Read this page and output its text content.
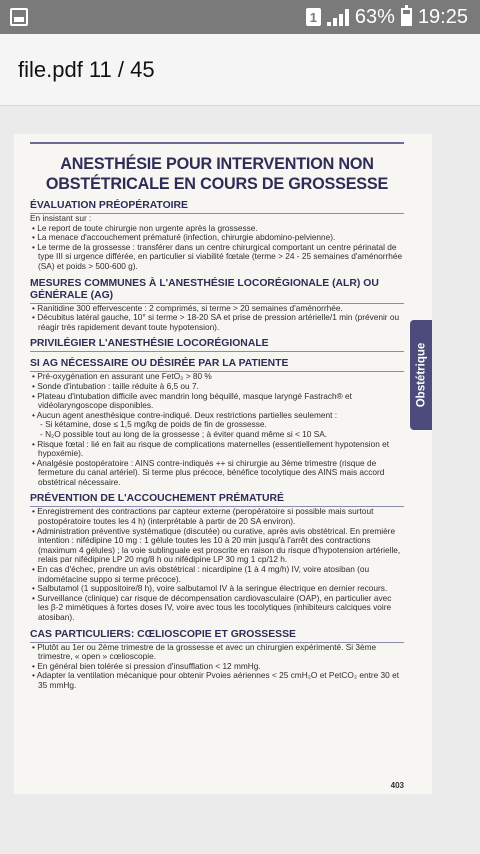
1 63% 19:25
file.pdf 11 / 45
ANESTHÉSIE POUR INTERVENTION NON
OBSTÉTRICALE EN COURS DE GROSSESSE
ÉVALUATION PRÉOPÉRATOIRE
En insistant sur :
• Le report de toute chirurgie non urgente après la grossesse.
• La menace d'accouchement prématuré (infection, chirurgie abdomino-pelvienne).
• Le terme de la grossesse : transférer dans un centre chirurgical comportant un centre périnatal de type III si urgence différée, en particulier si viabilité fœtale (terme > 24 - 25 semaines d'aménorrhée (SA) et poids > 500-600 g).
MESURES COMMUNES À L'ANESTHÉSIE LOCORÉGIONALE (ALR) OU GÉNÉRALE (AG)
• Ranitidine 300 effervescente : 2 comprimés, si terme > 20 semaines d'aménorrhée.
• Décubitus latéral gauche, 10° si terme > 18-20 SA et prise de pression artérielle/1 min (prévenir ou réagir très rapidement devant toute hypotension).
PRIVILÉGIER L'ANESTHÉSIE LOCORÉGIONALE
SI AG NÉCESSAIRE OU DÉSIRÉE PAR LA PATIENTE
• Pré-oxygénation en assurant une FetO₂ > 80 %
• Sonde d'intubation : taille réduite à 6,5 ou 7.
• Plateau d'intubation difficile avec mandrin long béquillé, masque laryngé Fastrach® et vidéolaryngoscope disponibles.
• Aucun agent anesthésique contre-indiqué. Deux restrictions partielles seulement :
- Si kétamine, dose ≤ 1,5 mg/kg de poids de fin de grossesse.
- N₂O possible tout au long de la grossesse ; à éviter quand même si < 10 SA.
• Risque fœtal : lié en fait au risque de complications maternelles (essentiellement hypotension et hypoxémie).
• Analgésie postopératoire : AINS contre-indiqués ++ si chirurgie au 3ème trimestre (risque de fermeture du canal artériel). Si terme plus précoce, bénéfice tocolytique des AINS mais accord obstétrical nécessaire.
PRÉVENTION DE L'ACCOUCHEMENT PRÉMATURÉ
• Enregistrement des contractions par capteur externe (peropératoire si possible mais surtout postopératoire toutes les 4 h) (interprétable à partir de 20 SA environ).
• Administration préventive systématique (discutée) ou curative, après avis obstétrical. En première intention : nifédipine 10 mg : 1 gélule toutes les 10 à 20 min jusqu'à l'arrêt des contractions (maximum 4 gélules) ; la voie sublinguale est proscrite en raison du risque d'hypotension artérielle, relais par nifédipine LP 20 mg/8 h ou nifédipine LP 30 mg 1 cp/12 h.
• En cas d'échec, prendre un avis obstétrical : nicardipine (1 à 4 mg/h) IV, voire atosiban (ou indométacine suppo si terme précoce).
• Salbutamol (1 suppositoire/8 h), voire salbutamol IV à la seringue électrique en dernier recours.
• Surveillance (clinique) car risque de décompensation cardiovasculaire (OAP), en particulier avec les β-2 mimétiques à fortes doses IV, voire avec tous les tocolytiques (inhibiteurs calciques voire atosiban).
CAS PARTICULIERS: CŒLIOSCOPIE ET GROSSESSE
• Plutôt au 1er ou 2ème trimestre de la grossesse et avec un chirurgien expérimenté. Si 3ème trimestre, « open » cœlioscopie.
• En général bien tolérée si pression d'insufflation < 12 mmHg.
• Adapter la ventilation mécanique pour obtenir Pvoies aériennes < 25 cmH₂O et PetCO₂ entre 30 et 35 mmHg.
Obstétrique
403
